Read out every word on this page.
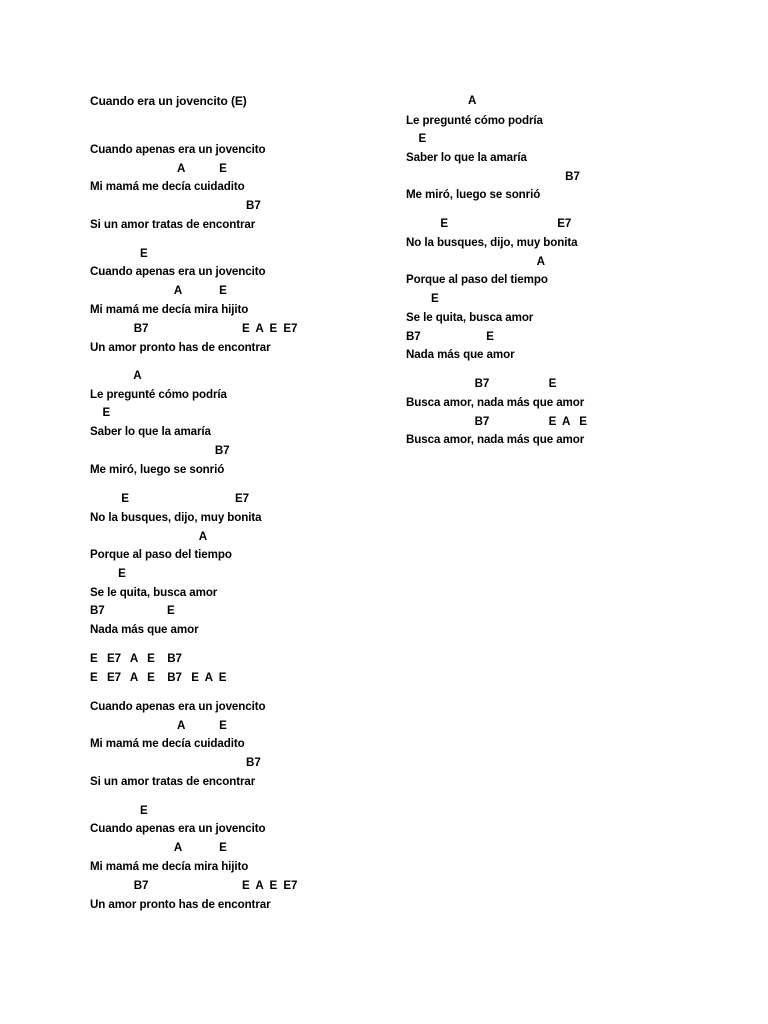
Cuando era un jovencito (E)
Cuando apenas era un jovencito
A           E
Mi mamá me decía cuidadito
B7
Si un amor tratas de encontrar
E
Cuando apenas era un jovencito
A            E
Mi mamá me decía mira hijito
B7                              E  A  E  E7
Un amor pronto has de encontrar
A
Le pregunté cómo podría
E
Saber lo que la amaría
B7
Me miró, luego se sonrió
E                                  E7
No la busques, dijo, muy bonita
A
Porque al paso del tiempo
E
Se le quita, busca amor
B7                    E
Nada más que amor
E   E7   A   E    B7
E   E7   A   E    B7   E  A  E
Cuando apenas era un jovencito
A           E
Mi mamá me decía cuidadito
B7
Si un amor tratas de encontrar
E
Cuando apenas era un jovencito
A            E
Mi mamá me decía mira hijito
B7                              E  A  E  E7
Un amor pronto has de encontrar
A
Le pregunté cómo podría
E
Saber lo que la amaría
B7
Me miró, luego se sonrió
E                                   E7
No la busques, dijo, muy bonita
A
Porque al paso del tiempo
E
Se le quita, busca amor
B7                     E
Nada más que amor
B7                   E
Busca amor, nada más que amor
B7                   E  A   E
Busca amor, nada más que amor
